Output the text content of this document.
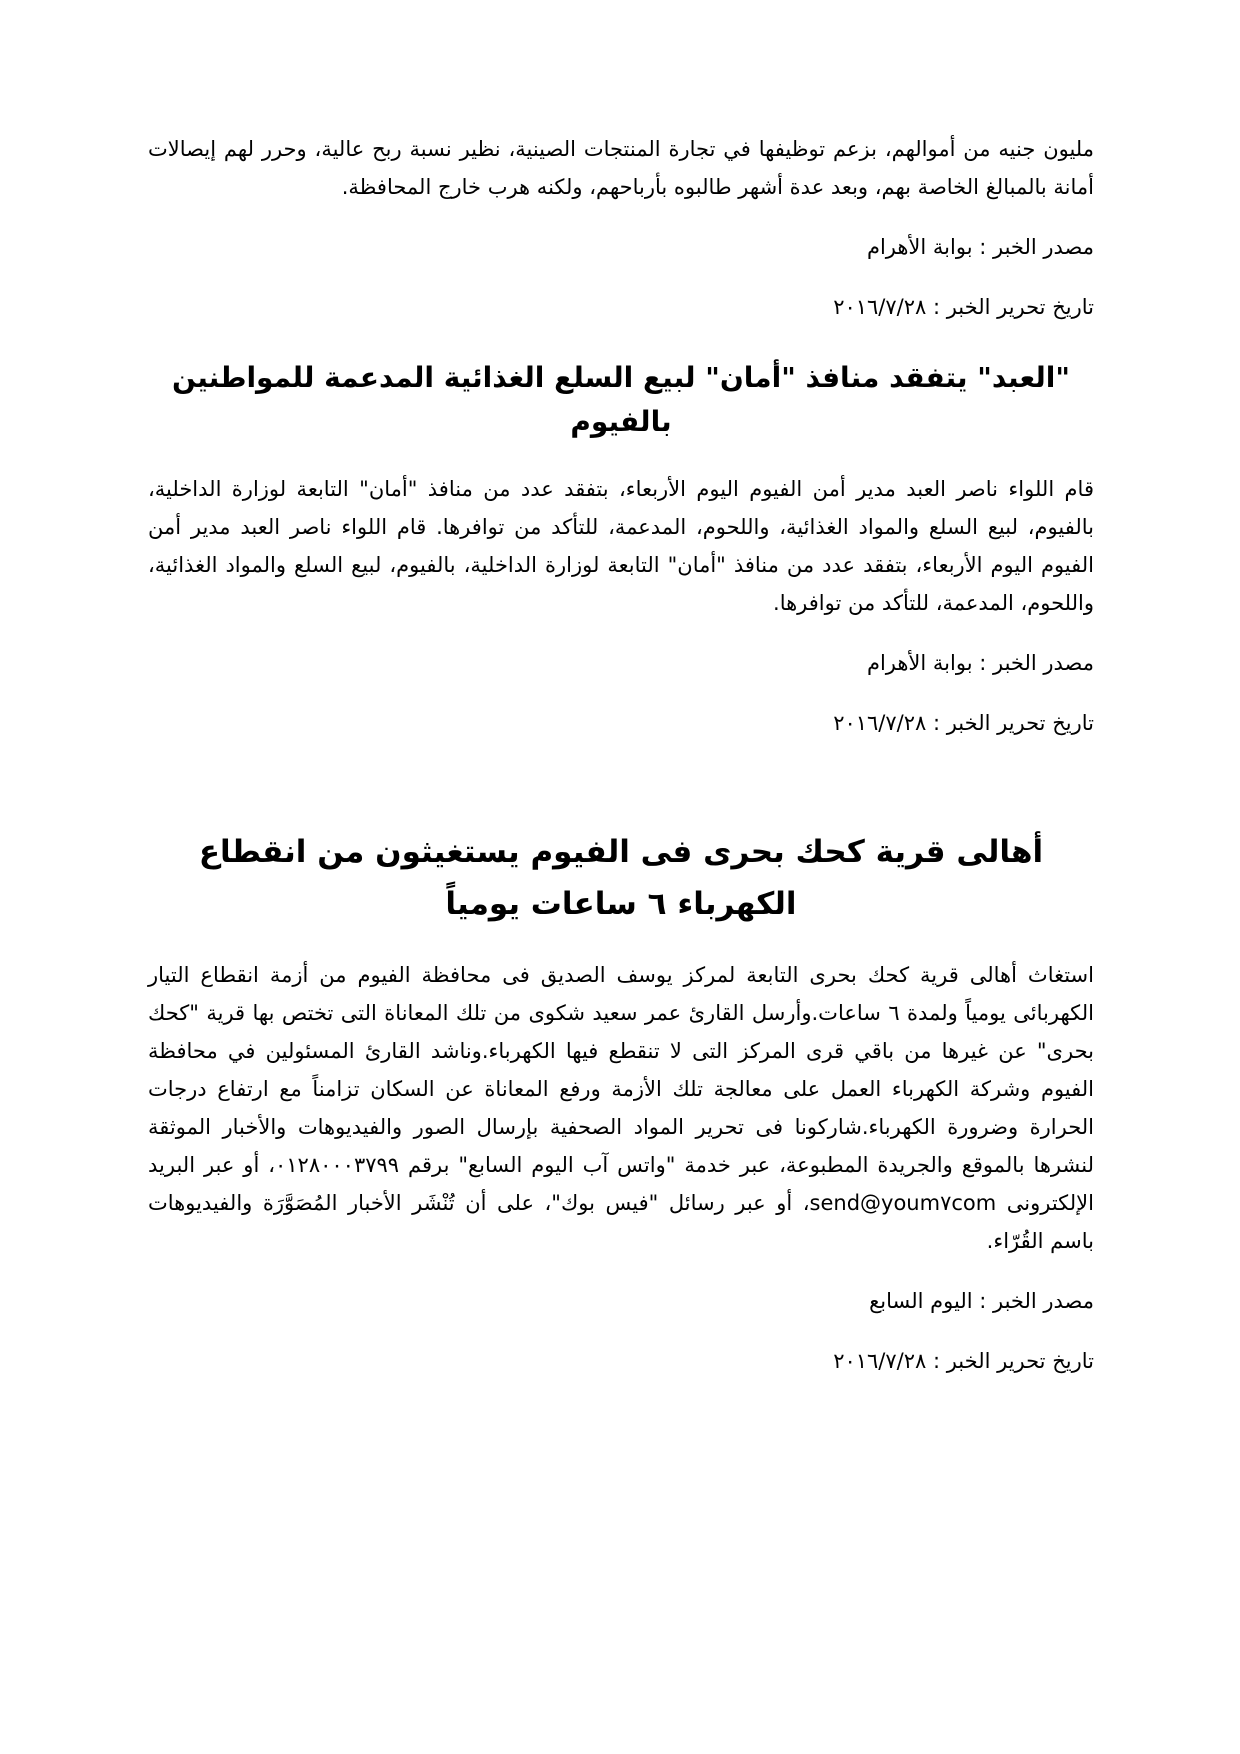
مليون جنيه من أموالهم، بزعم توظيفها في تجارة المنتجات الصينية، نظير نسبة ربح عالية، وحرر لهم إيصالات أمانة بالمبالغ الخاصة بهم، وبعد عدة أشهر طالبوه بأرباحهم، ولكنه هرب خارج المحافظة.

مصدر الخبر : بوابة الأهرام

تاريخ تحرير الخبر : ٢٠١٦/٧/٢٨

"العبد" يتفقد منافذ "أمان" لبيع السلع الغذائية المدعمة للمواطنين بالفيوم

قام اللواء ناصر العبد مدير أمن الفيوم اليوم الأربعاء، بتفقد عدد من منافذ "أمان" التابعة لوزارة الداخلية، بالفيوم، لبيع السلع والمواد الغذائية، واللحوم، المدعمة، للتأكد من توافرها. قام اللواء ناصر العبد مدير أمن الفيوم اليوم الأربعاء، بتفقد عدد من منافذ "أمان" التابعة لوزارة الداخلية، بالفيوم، لبيع السلع والمواد الغذائية، واللحوم، المدعمة، للتأكد من توافرها.

مصدر الخبر : بوابة الأهرام

تاريخ تحرير الخبر : ٢٠١٦/٧/٢٨

أهالى قرية كحك بحرى فى الفيوم يستغيثون من انقطاع الكهرباء ٦ ساعات يومياً

استغاث أهالى قرية كحك بحرى التابعة لمركز يوسف الصديق فى محافظة الفيوم من أزمة انقطاع التيار الكهربائى يومياً ولمدة ٦ ساعات.وأرسل القارئ عمر سعيد شكوى من تلك المعاناة التى تختص بها قرية "كحك بحرى" عن غيرها من باقي قرى المركز التى لا تنقطع فيها الكهرباء.وناشد القارئ المسئولين في محافظة الفيوم وشركة الكهرباء العمل على معالجة تلك الأزمة ورفع المعاناة عن السكان تزامناً مع ارتفاع درجات الحرارة وضرورة الكهرباء.شاركونا فى تحرير المواد الصحفية بإرسال الصور والفيديوهات والأخبار الموثقة لنشرها بالموقع والجريدة المطبوعة، عبر خدمة "واتس آب اليوم السابع" برقم ٠١٢٨٠٠٠٣٧٩٩، أو عبر البريد الإلكترونى send@youm٧com، أو عبر رسائل "فيس بوك"، على أن تُنْشَر الأخبار المُصَوَّرَة والفيديوهات باسم القُرّاء.

مصدر الخبر : اليوم السابع

تاريخ تحرير الخبر : ٢٠١٦/٧/٢٨
